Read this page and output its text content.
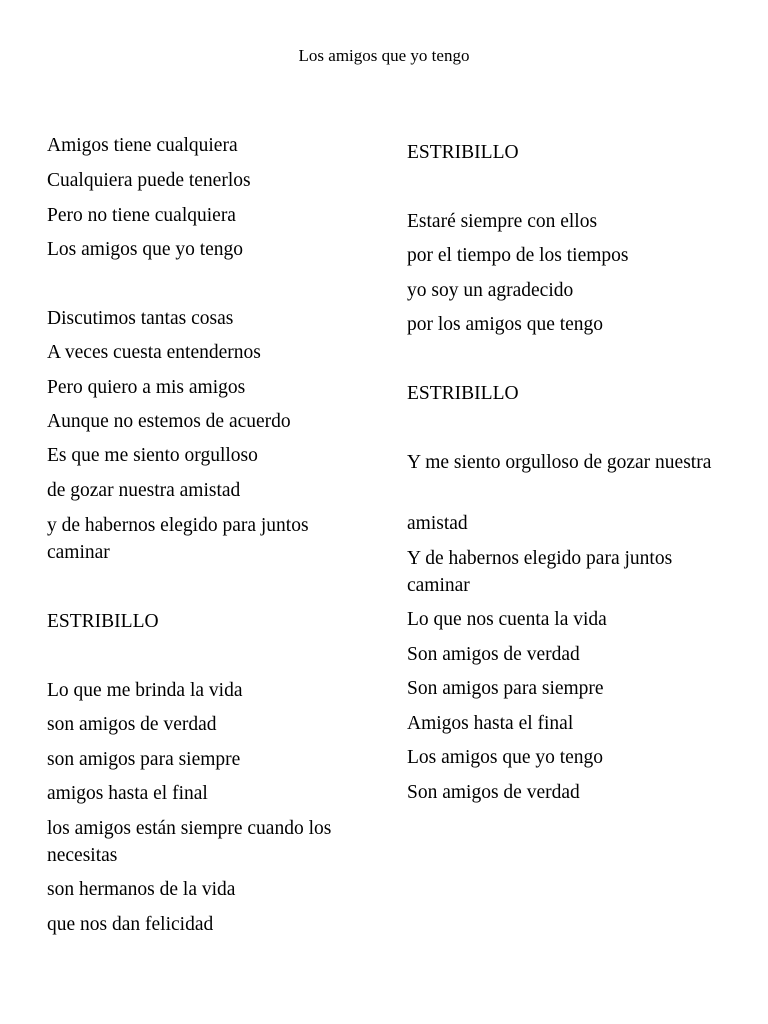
Los amigos que yo tengo
Amigos tiene cualquiera
Cualquiera puede tenerlos
Pero no tiene cualquiera
Los amigos que yo tengo
Discutimos tantas cosas
A veces cuesta entendernos
Pero quiero a mis amigos
Aunque no estemos de acuerdo
Es que me siento orgulloso
de gozar nuestra amistad
y de habernos elegido para juntos caminar
ESTRIBILLO
Lo que me brinda la vida
son amigos de verdad
son amigos para siempre
amigos hasta el final
los amigos están siempre cuando los necesitas
son hermanos de la vida
que nos dan felicidad
ESTRIBILLO
Estaré siempre con ellos
por el tiempo de los tiempos
yo soy un agradecido
por los amigos que tengo
ESTRIBILLO
Y me siento orgulloso de gozar nuestra
amistad
Y de habernos elegido para juntos caminar
Lo que nos cuenta la vida
Son amigos de verdad
Son amigos para siempre
Amigos hasta el final
Los amigos que yo tengo
Son amigos de verdad
